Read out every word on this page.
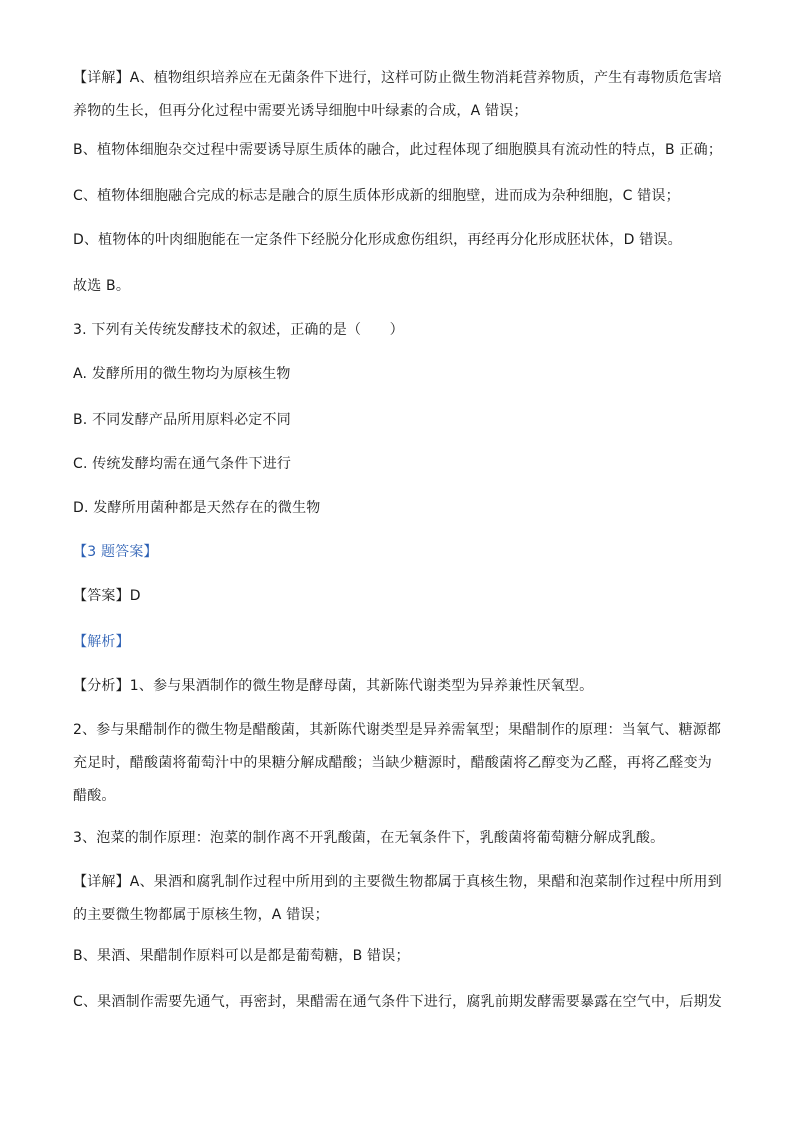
【详解】A、植物组织培养应在无菌条件下进行，这样可防止微生物消耗营养物质，产生有毒物质危害培养物的生长，但再分化过程中需要光诱导细胞中叶绿素的合成，A 错误；
B、植物体细胞杂交过程中需要诱导原生质体的融合，此过程体现了细胞膜具有流动性的特点，B 正确；
C、植物体细胞融合完成的标志是融合的原生质体形成新的细胞壁，进而成为杂种细胞，C 错误；
D、植物体的叶肉细胞能在一定条件下经脱分化形成愈伤组织，再经再分化形成胚状体，D 错误。
故选 B。
3. 下列有关传统发酵技术的叙述，正确的是（　　）
A. 发酵所用的微生物均为原核生物
B. 不同发酵产品所用原料必定不同
C. 传统发酵均需在通气条件下进行
D. 发酵所用菌种都是天然存在的微生物
【3 题答案】
【答案】D
【解析】
【分析】1、参与果酒制作的微生物是酵母菌，其新陈代谢类型为异养兼性厌氧型。
2、参与果醋制作的微生物是醋酸菌，其新陈代谢类型是异养需氧型；果醋制作的原理：当氧气、糖源都充足时，醋酸菌将葡萄汁中的果糖分解成醋酸；当缺少糖源时，醋酸菌将乙醇变为乙醛，再将乙醛变为醋酸。
3、泡菜的制作原理：泡菜的制作离不开乳酸菌，在无氧条件下，乳酸菌将葡萄糖分解成乳酸。
【详解】A、果酒和腐乳制作过程中所用到的主要微生物都属于真核生物，果醋和泡菜制作过程中所用到的主要微生物都属于原核生物，A 错误；
B、果酒、果醋制作原料可以是都是葡萄糖，B 错误；
C、果酒制作需要先通气，再密封，果醋需在通气条件下进行，腐乳前期发酵需要暴露在空气中，后期发
